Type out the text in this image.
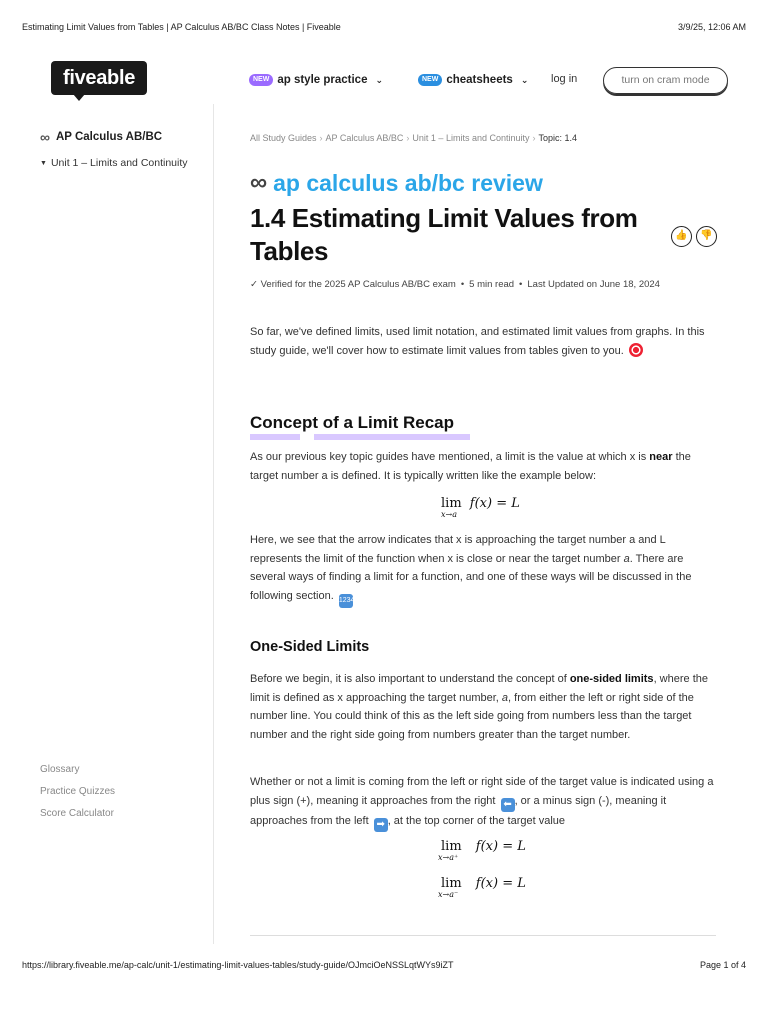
Estimating Limit Values from Tables | AP Calculus AB/BC Class Notes | Fiveable	3/9/25, 12:06 AM
fiveable	NEW ap style practice ⌄	NEW cheatsheets ⌄ log in	turn on cram mode
∞ AP Calculus AB/BC
▼ Unit 1 – Limits and Continuity
Glossary
Practice Quizzes
Score Calculator
All Study Guides › AP Calculus AB/BC › Unit 1 – Limits and Continuity › Topic: 1.4
∞ ap calculus ab/bc review
1.4 Estimating Limit Values from Tables
👍	👎
✓ Verified for the 2025 AP Calculus AB/BC exam • 5 min read • Last Updated on June 18, 2024

So far, we've defined limits, used limit notation, and estimated limit values from graphs. In this study guide, we'll cover how to estimate limit values from tables given to you.

Concept of a Limit Recap

As our previous key topic guides have mentioned, a limit is the value at which x is near the target number a is defined. It is typically written like the example below:

lim
x→a
f(x) = L

Here, we see that the arrow indicates that x is approaching the target number a and L represents the limit of the function when x is close or near the target number a. There are several ways of finding a limit for a function, and one of these ways will be discussed in the following section. 1234

One-Sided Limits

Before we begin, it is also important to understand the concept of one-sided limits, where the limit is defined as x approaching the target number, a, from either the left or right side of the number line. You could think of this as the left side going from numbers less than the target number and the right side going from numbers greater than the target number.

Whether or not a limit is coming from the left or right side of the target value is indicated using a plus sign (+), meaning it approaches from the right ⬅ , or a minus sign (-), meaning it approaches from the left ➡ , at the top corner of the target value

lim
x→a⁺
f(x) = L
lim
x→a⁻
f(x) = L
https://library.fiveable.me/ap-calc/unit-1/estimating-limit-values-tables/study-guide/OJmciOeNSSLqtWYs9iZT	Page 1 of 4
